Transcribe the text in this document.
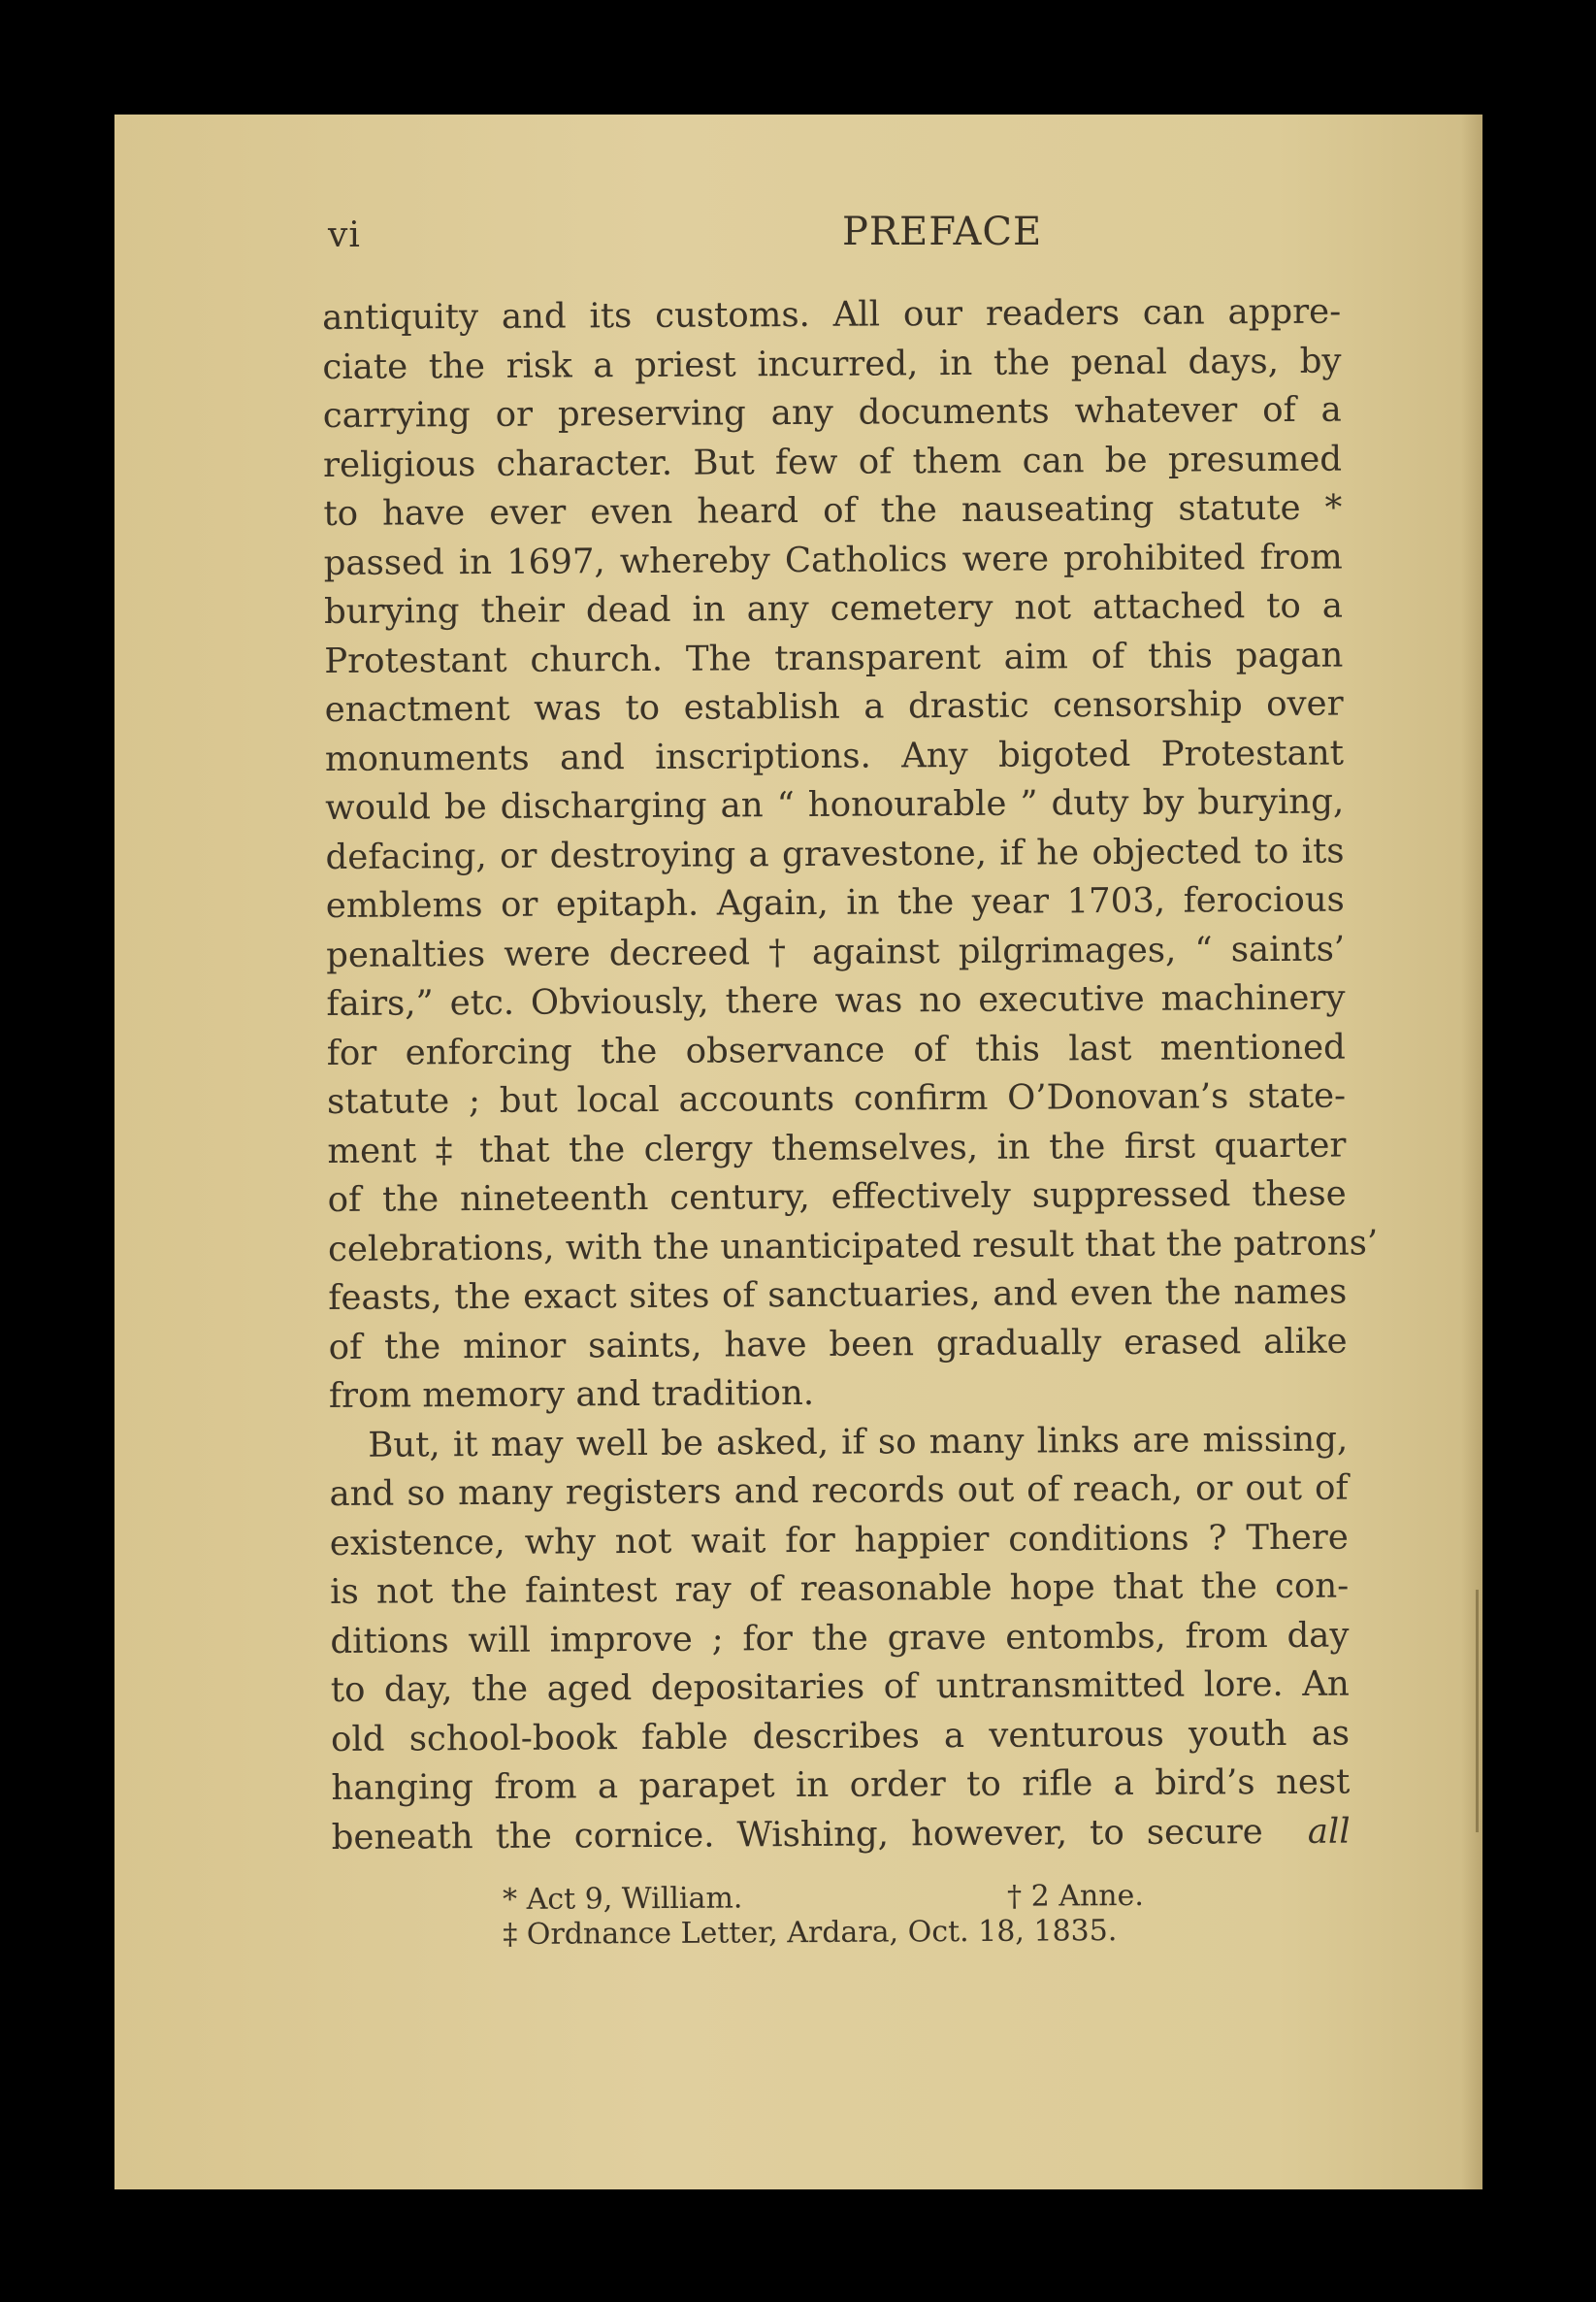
vi	PREFACE
antiquity and its customs. All our readers can appre-
ciate the risk a priest incurred, in the penal days, by
carrying or preserving any documents whatever of a
religious character. But few of them can be presumed
to have ever even heard of the nauseating statute *
passed in 1697, whereby Catholics were prohibited from
burying their dead in any cemetery not attached to a
Protestant church. The transparent aim of this pagan
enactment was to establish a drastic censorship over
monuments and inscriptions. Any bigoted Protestant
would be discharging an “ honourable ” duty by burying,
defacing, or destroying a gravestone, if he objected to its
emblems or epitaph. Again, in the year 1703, ferocious
penalties were decreed † against pilgrimages, “ saints’
fairs,” etc. Obviously, there was no executive machinery
for enforcing the observance of this last mentioned
statute ; but local accounts confirm O’Donovan’s state-
ment ‡ that the clergy themselves, in the first quarter
of the nineteenth century, effectively suppressed these
celebrations, with the unanticipated result that the patrons’
feasts, the exact sites of sanctuaries, and even the names
of the minor saints, have been gradually erased alike
from memory and tradition.
But, it may well be asked, if so many links are missing,
and so many registers and records out of reach, or out of
existence, why not wait for happier conditions ? There
is not the faintest ray of reasonable hope that the con-
ditions will improve ; for the grave entombs, from day
to day, the aged depositaries of untransmitted lore. An
old school-book fable describes a venturous youth as
hanging from a parapet in order to rifle a bird’s nest
beneath the cornice. Wishing, however, to secure all
* Act 9, William.	† 2 Anne.
‡ Ordnance Letter, Ardara, Oct. 18, 1835.
